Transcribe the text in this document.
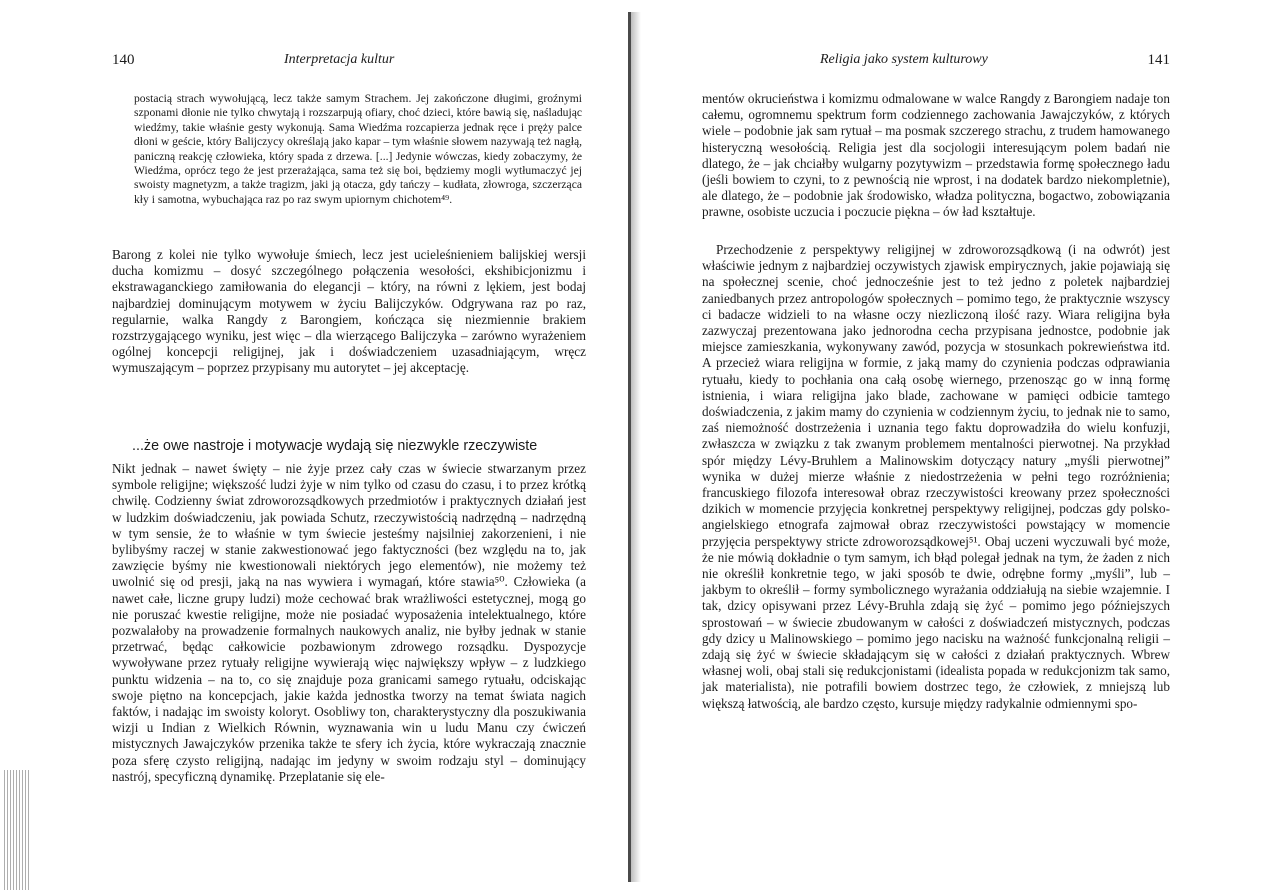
140	Interpretacja kultur

postacią strach wywołującą, lecz także samym Strachem. Jej zakończone długimi, groźnymi szponami dłonie nie tylko chwytają i rozszarpują ofiary, choć dzieci, które bawią się, naśladując wiedźmy, takie właśnie gesty wykonują. Sama Wiedźma rozcapierza jednak ręce i pręży palce dłoni w geście, który Balijczycy określają jako kapar – tym właśnie słowem nazywają też nagłą, paniczną reakcję człowieka, który spada z drzewa. [...] Jedynie wówczas, kiedy zobaczymy, że Wiedźma, oprócz tego że jest przerażająca, sama też się boi, będziemy mogli wytłumaczyć jej swoisty magnetyzm, a także tragizm, jaki ją otacza, gdy tańczy – kudłata, złowroga, szczerząca kły i samotna, wybuchająca raz po raz swym upiornym chichotem⁴⁹.

Barong z kolei nie tylko wywołuje śmiech, lecz jest ucieleśnieniem balijskiej wersji ducha komizmu – dosyć szczególnego połączenia wesołości, ekshibicjonizmu i ekstrawaganckiego zamiłowania do elegancji – który, na równi z lękiem, jest bodaj najbardziej dominującym motywem w życiu Balijczyków. Odgrywana raz po raz, regularnie, walka Rangdy z Barongiem, kończąca się niezmiennie brakiem rozstrzygającego wyniku, jest więc – dla wierzącego Balijczyka – zarówno wyrażeniem ogólnej koncepcji religijnej, jak i doświadczeniem uzasadniającym, wręcz wymuszającym – poprzez przypisany mu autorytet – jej akceptację.

...że owe nastroje i motywacje wydają się niezwykle rzeczywiste

Nikt jednak – nawet święty – nie żyje przez cały czas w świecie stwarzanym przez symbole religijne; większość ludzi żyje w nim tylko od czasu do czasu, i to przez krótką chwilę. Codzienny świat zdroworozsądkowych przedmiotów i praktycznych działań jest w ludzkim doświadczeniu, jak powiada Schutz, rzeczywistością nadrzędną – nadrzędną w tym sensie, że to właśnie w tym świecie jesteśmy najsilniej zakorzenieni, i nie bylibyśmy raczej w stanie zakwestionować jego faktyczności (bez względu na to, jak zawzięcie byśmy nie kwestionowali niektórych jego elementów), nie możemy też uwolnić się od presji, jaką na nas wywiera i wymagań, które stawia⁵⁰. Człowieka (a nawet całe, liczne grupy ludzi) może cechować brak wrażliwości estetycznej, mogą go nie poruszać kwestie religijne, może nie posiadać wyposażenia intelektualnego, które pozwalałoby na prowadzenie formalnych naukowych analiz, nie byłby jednak w stanie przetrwać, będąc całkowicie pozbawionym zdrowego rozsądku. Dyspozycje wywoływane przez rytuały religijne wywierają więc największy wpływ – z ludzkiego punktu widzenia – na to, co się znajduje poza granicami samego rytuału, odciskając swoje piętno na koncepcjach, jakie każda jednostka tworzy na temat świata nagich faktów, i nadając im swoisty koloryt. Osobliwy ton, charakterystyczny dla poszukiwania wizji u Indian z Wielkich Równin, wyznawania win u ludu Manu czy ćwiczeń mistycznych Jawajczyków przenika także te sfery ich życia, które wykraczają znacznie poza sferę czysto religijną, nadając im jedyny w swoim rodzaju styl – dominujący nastrój, specyficzną dynamikę. Przeplatanie się ele-

Religia jako system kulturowy	141

mentów okrucieństwa i komizmu odmalowane w walce Rangdy z Barongiem nadaje ton całemu, ogromnemu spektrum form codziennego zachowania Jawajczyków, z których wiele – podobnie jak sam rytuał – ma posmak szczerego strachu, z trudem hamowanego histeryczną wesołością. Religia jest dla socjologii interesującym polem badań nie dlatego, że – jak chciałby wulgarny pozytywizm – przedstawia formę społecznego ładu (jeśli bowiem to czyni, to z pewnością nie wprost, i na dodatek bardzo niekompletnie), ale dlatego, że – podobnie jak środowisko, władza polityczna, bogactwo, zobowiązania prawne, osobiste uczucia i poczucie piękna – ów ład kształtuje.

Przechodzenie z perspektywy religijnej w zdroworozsądkową (i na odwrót) jest właściwie jednym z najbardziej oczywistych zjawisk empirycznych, jakie pojawiają się na społecznej scenie, choć jednocześnie jest to też jedno z poletek najbardziej zaniedbanych przez antropologów społecznych – pomimo tego, że praktycznie wszyscy ci badacze widzieli to na własne oczy niezliczoną ilość razy. Wiara religijna była zazwyczaj prezentowana jako jednorodna cecha przypisana jednostce, podobnie jak miejsce zamieszkania, wykonywany zawód, pozycja w stosunkach pokrewieństwa itd. A przecież wiara religijna w formie, z jaką mamy do czynienia podczas odprawiania rytuału, kiedy to pochłania ona całą osobę wiernego, przenosząc go w inną formę istnienia, i wiara religijna jako blade, zachowane w pamięci odbicie tamtego doświadczenia, z jakim mamy do czynienia w codziennym życiu, to jednak nie to samo, zaś niemożność dostrzeżenia i uznania tego faktu doprowadziła do wielu konfuzji, zwłaszcza w związku z tak zwanym problemem mentalności pierwotnej. Na przykład spór między Lévy-Bruhlem a Malinowskim dotyczący natury „myśli pierwotnej” wynika w dużej mierze właśnie z niedostrzeżenia w pełni tego rozróżnienia; francuskiego filozofa interesował obraz rzeczywistości kreowany przez społeczności dzikich w momencie przyjęcia konkretnej perspektywy religijnej, podczas gdy polsko-angielskiego etnografa zajmował obraz rzeczywistości powstający w momencie przyjęcia perspektywy stricte zdroworozsądkowej⁵¹. Obaj uczeni wyczuwali być może, że nie mówią dokładnie o tym samym, ich błąd polegał jednak na tym, że żaden z nich nie określił konkretnie tego, w jaki sposób te dwie, odrębne formy „myśli”, lub – jakbym to określił – formy symbolicznego wyrażania oddziałują na siebie wzajemnie. I tak, dzicy opisywani przez Lévy-Bruhla zdają się żyć – pomimo jego późniejszych sprostowań – w świecie zbudowanym w całości z doświadczeń mistycznych, podczas gdy dzicy u Malinowskiego – pomimo jego nacisku na ważność funkcjonalną religii – zdają się żyć w świecie składającym się w całości z działań praktycznych. Wbrew własnej woli, obaj stali się redukcjonistami (idealista popada w redukcjonizm tak samo, jak materialista), nie potrafili bowiem dostrzec tego, że człowiek, z mniejszą lub większą łatwością, ale bardzo często, kursuje między radykalnie odmiennymi spo-
